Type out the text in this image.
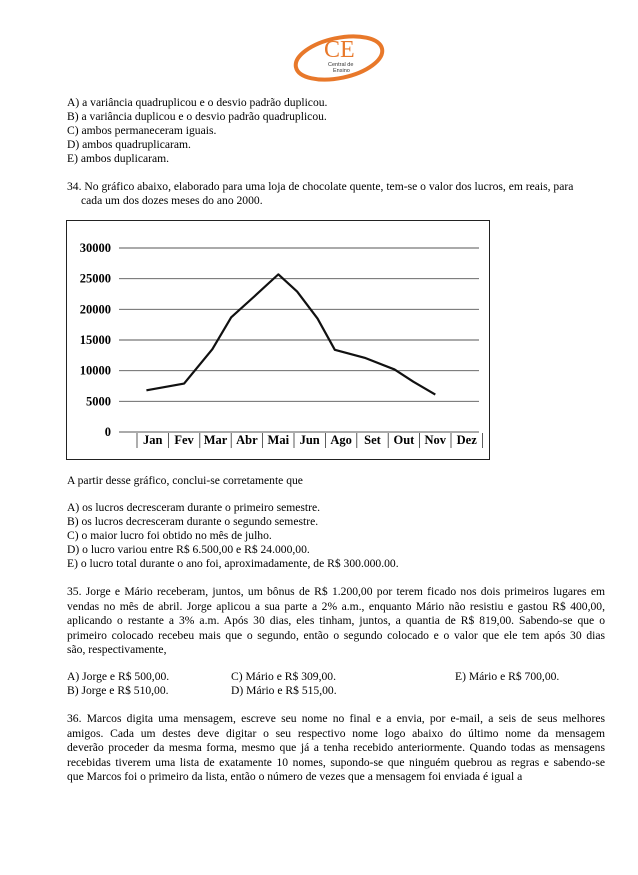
CE
Central de
Ensino
A) a variância quadruplicou e o desvio padrão duplicou.
B) a variância duplicou e o desvio padrão quadruplicou.
C) ambos permaneceram iguais.
D) ambos quadruplicaram.
E) ambos duplicaram.
34. No gráfico abaixo, elaborado para uma loja de chocolate quente, tem-se o valor dos lucros, em reais, para
cada um dos dozes meses do ano 2000.
30000
25000
20000
15000
10000
5000
0
Jan Fev Mar Abr Mai Jun Ago Set Out Nov Dez
A partir desse gráfico, conclui-se corretamente que
A) os lucros decresceram durante o primeiro semestre.
B) os lucros decresceram durante o segundo semestre.
C) o maior lucro foi obtido no mês de julho.
D) o lucro variou entre R$ 6.500,00 e R$ 24.000,00.
E) o lucro total durante o ano foi, aproximadamente, de R$ 300.000.00.
35. Jorge e Mário receberam, juntos, um bônus de R$ 1.200,00 por terem ficado nos dois primeiros lugares em
vendas no mês de abril. Jorge aplicou a sua parte a 2% a.m., enquanto Mário não resistiu e gastou R$ 400,00,
aplicando o restante a 3% a.m. Após 30 dias, eles tinham, juntos, a quantia de R$ 819,00. Sabendo-se que o
primeiro colocado recebeu mais que o segundo, então o segundo colocado e o valor que ele tem após 30 dias
são, respectivamente,
A) Jorge e R$ 500,00.
B) Jorge e R$ 510,00.
C) Mário e R$ 309,00.
D) Mário e R$ 515,00.
E) Mário e R$ 700,00.
36. Marcos digita uma mensagem, escreve seu nome no final e a envia, por e-mail, a seis de seus melhores
amigos. Cada um destes deve digitar o seu respectivo nome logo abaixo do último nome da mensagem
deverão proceder da mesma forma, mesmo que já a tenha recebido anteriormente. Quando todas as mensagens
recebidas tiverem uma lista de exatamente 10 nomes, supondo-se que ninguém quebrou as regras e sabendo-se
que Marcos foi o primeiro da lista, então o número de vezes que a mensagem foi enviada é igual a
